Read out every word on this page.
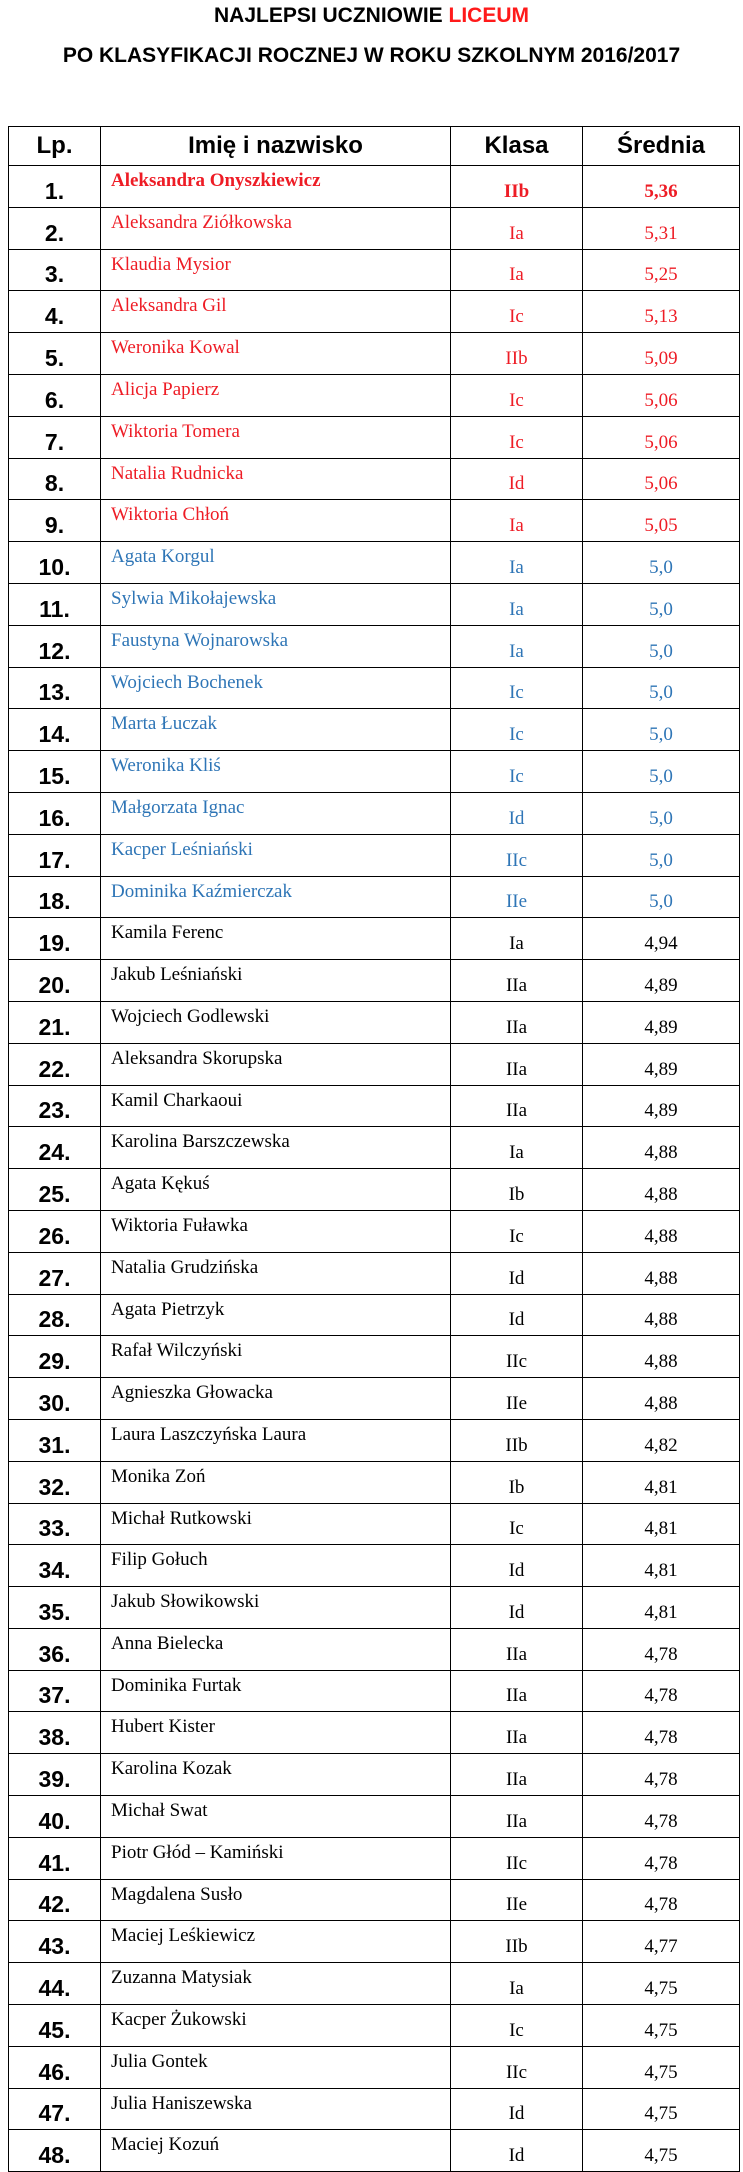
NAJLEPSI UCZNIOWIE LICEUM
PO KLASYFIKACJI ROCZNEJ W ROKU SZKOLNYM 2016/2017
Lp.	Imię i nazwisko	Klasa	Średnia
1.	Aleksandra Onyszkiewicz	IIb	5,36
2.	Aleksandra Ziółkowska	Ia	5,31
3.	Klaudia Mysior	Ia	5,25
4.	Aleksandra Gil	Ic	5,13
5.	Weronika Kowal	IIb	5,09
6.	Alicja Papierz	Ic	5,06
7.	Wiktoria Tomera	Ic	5,06
8.	Natalia Rudnicka	Id	5,06
9.	Wiktoria Chłoń	Ia	5,05
10.	Agata Korgul	Ia	5,0
11.	Sylwia Mikołajewska	Ia	5,0
12.	Faustyna Wojnarowska	Ia	5,0
13.	Wojciech Bochenek	Ic	5,0
14.	Marta Łuczak	Ic	5,0
15.	Weronika Kliś	Ic	5,0
16.	Małgorzata Ignac	Id	5,0
17.	Kacper Leśniański	IIc	5,0
18.	Dominika Kaźmierczak	IIe	5,0
19.	Kamila Ferenc	Ia	4,94
20.	Jakub Leśniański	IIa	4,89
21.	Wojciech Godlewski	IIa	4,89
22.	Aleksandra Skorupska	IIa	4,89
23.	Kamil Charkaoui	IIa	4,89
24.	Karolina Barszczewska	Ia	4,88
25.	Agata Kękuś	Ib	4,88
26.	Wiktoria Fuławka	Ic	4,88
27.	Natalia Grudzińska	Id	4,88
28.	Agata Pietrzyk	Id	4,88
29.	Rafał Wilczyński	IIc	4,88
30.	Agnieszka Głowacka	IIe	4,88
31.	Laura Laszczyńska Laura	IIb	4,82
32.	Monika Zoń	Ib	4,81
33.	Michał Rutkowski	Ic	4,81
34.	Filip Gołuch	Id	4,81
35.	Jakub Słowikowski	Id	4,81
36.	Anna Bielecka	IIa	4,78
37.	Dominika Furtak	IIa	4,78
38.	Hubert Kister	IIa	4,78
39.	Karolina Kozak	IIa	4,78
40.	Michał Swat	IIa	4,78
41.	Piotr Głód – Kamiński	IIc	4,78
42.	Magdalena Susło	IIe	4,78
43.	Maciej Leśkiewicz	IIb	4,77
44.	Zuzanna Matysiak	Ia	4,75
45.	Kacper Żukowski	Ic	4,75
46.	Julia Gontek	IIc	4,75
47.	Julia Haniszewska	Id	4,75
48.	Maciej Kozuń	Id	4,75
